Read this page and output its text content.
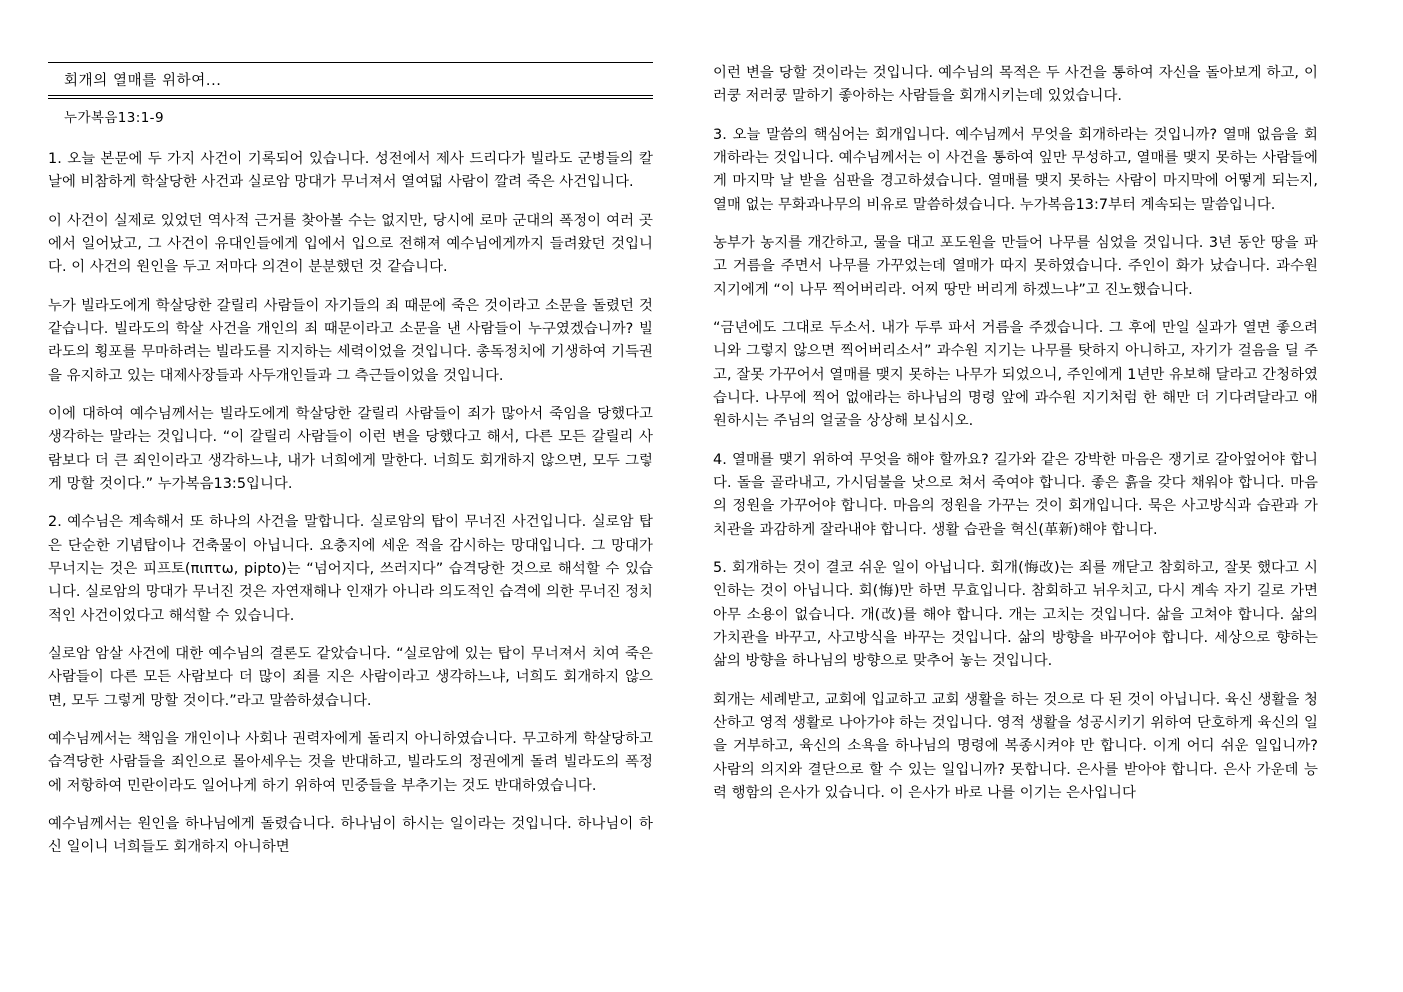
회개의 열매를 위하여...
누가복음13:1-9

1. 오늘 본문에 두 가지 사건이 기록되어 있습니다. 성전에서 제사 드리다가 빌라도 군병들의 칼날에 비참하게 학살당한 사건과 실로암 망대가 무너져서 열여덟 사람이 깔려 죽은 사건입니다.

이 사건이 실제로 있었던 역사적 근거를 찾아볼 수는 없지만, 당시에 로마 군대의 폭정이 여러 곳에서 일어났고, 그 사건이 유대인들에게 입에서 입으로 전해져 예수님에게까지 들려왔던 것입니다. 이 사건의 원인을 두고 저마다 의견이 분분했던 것 같습니다.

누가 빌라도에게 학살당한 갈릴리 사람들이 자기들의 죄 때문에 죽은 것이라고 소문을 돌렸던 것 같습니다. 빌라도의 학살 사건을 개인의 죄 때문이라고 소문을 낸 사람들이 누구였겠습니까? 빌라도의 횡포를 무마하려는 빌라도를 지지하는 세력이었을 것입니다. 총독정치에 기생하여 기득권을 유지하고 있는 대제사장들과 사두개인들과 그 측근들이었을 것입니다.

이에 대하여 예수님께서는 빌라도에게 학살당한 갈릴리 사람들이 죄가 많아서 죽임을 당했다고 생각하는 말라는 것입니다. “이 갈릴리 사람들이 이런 변을 당했다고 해서, 다른 모든 갈릴리 사람보다 더 큰 죄인이라고 생각하느냐, 내가 너희에게 말한다. 너희도 회개하지 않으면, 모두 그렇게 망할 것이다.” 누가복음13:5입니다.

2. 예수님은 계속해서 또 하나의 사건을 말합니다. 실로암의 탑이 무너진 사건입니다. 실로암 탑은 단순한 기념탑이나 건축물이 아닙니다. 요충지에 세운 적을 감시하는 망대입니다. 그 망대가 무너지는 것은 피프토(πιπτω, pipto)는 “넘어지다, 쓰러지다” 습격당한 것으로 해석할 수 있습니다. 실로암의 망대가 무너진 것은 자연재해나 인재가 아니라 의도적인 습격에 의한 무너진 정치적인 사건이었다고 해석할 수 있습니다.

실로암 암살 사건에 대한 예수님의 결론도 같았습니다. “실로암에 있는 탑이 무너져서 치여 죽은 사람들이 다른 모든 사람보다 더 많이 죄를 지은 사람이라고 생각하느냐, 너희도 회개하지 않으면, 모두 그렇게 망할 것이다.”라고 말씀하셨습니다.

예수님께서는 책임을 개인이나 사회나 권력자에게 돌리지 아니하였습니다. 무고하게 학살당하고 습격당한 사람들을 죄인으로 몰아세우는 것을 반대하고, 빌라도의 정권에게 돌려 빌라도의 폭정에 저항하여 민란이라도 일어나게 하기 위하여 민중들을 부추기는 것도 반대하였습니다.

예수님께서는 원인을 하나님에게 돌렸습니다. 하나님이 하시는 일이라는 것입니다. 하나님이 하신 일이니 너희들도 회개하지 아니하면

이런 변을 당할 것이라는 것입니다. 예수님의 목적은 두 사건을 통하여 자신을 돌아보게 하고, 이러쿵 저러쿵 말하기 좋아하는 사람들을 회개시키는데 있었습니다.

3. 오늘 말씀의 핵심어는 회개입니다. 예수님께서 무엇을 회개하라는 것입니까? 열매 없음을 회개하라는 것입니다. 예수님께서는 이 사건을 통하여 잎만 무성하고, 열매를 맺지 못하는 사람들에게 마지막 날 받을 심판을 경고하셨습니다. 열매를 맺지 못하는 사람이 마지막에 어떻게 되는지, 열매 없는 무화과나무의 비유로 말씀하셨습니다. 누가복음13:7부터 계속되는 말씀입니다.

농부가 농지를 개간하고, 물을 대고 포도원을 만들어 나무를 심었을 것입니다. 3년 동안 땅을 파고 거름을 주면서 나무를 가꾸었는데 열매가 따지 못하였습니다. 주인이 화가 났습니다. 과수원 지기에게 “이 나무 찍어버리라. 어찌 땅만 버리게 하겠느냐”고 진노했습니다.

“금년에도 그대로 두소서. 내가 두루 파서 거름을 주겠습니다. 그 후에 만일 실과가 열면 좋으려니와 그렇지 않으면 찍어버리소서” 과수원 지기는 나무를 탓하지 아니하고, 자기가 걸음을 딜 주고, 잘못 가꾸어서 열매를 맺지 못하는 나무가 되었으니, 주인에게 1년만 유보해 달라고 간청하였습니다. 나무에 찍어 없애라는 하나님의 명령 앞에 과수원 지기처럼 한 해만 더 기다려달라고 애원하시는 주님의 얼굴을 상상해 보십시오.

4. 열매를 맺기 위하여 무엇을 해야 할까요? 길가와 같은 강박한 마음은 쟁기로 갈아엎어야 합니다. 돌을 골라내고, 가시덤불을 낫으로 쳐서 죽여야 합니다. 좋은 흙을 갖다 채워야 합니다. 마음의 정원을 가꾸어야 합니다. 마음의 정원을 가꾸는 것이 회개입니다. 묵은 사고방식과 습관과 가치관을 과감하게 잘라내야 합니다. 생활 습관을 혁신(革新)해야 합니다.

5. 회개하는 것이 결코 쉬운 일이 아닙니다. 회개(悔改)는 죄를 깨닫고 참회하고, 잘못 했다고 시인하는 것이 아닙니다. 회(悔)만 하면 무효입니다. 참회하고 뉘우치고, 다시 계속 자기 길로 가면 아무 소용이 없습니다. 개(改)를 해야 합니다. 개는 고치는 것입니다. 삶을 고쳐야 합니다. 삶의 가치관을 바꾸고, 사고방식을 바꾸는 것입니다. 삶의 방향을 바꾸어야 합니다. 세상으로 향하는 삶의 방향을 하나님의 방향으로 맞추어 놓는 것입니다.

회개는 세례받고, 교회에 입교하고 교회 생활을 하는 것으로 다 된 것이 아닙니다. 육신 생활을 청산하고 영적 생활로 나아가야 하는 것입니다. 영적 생활을 성공시키기 위하여 단호하게 육신의 일을 거부하고, 육신의 소욕을 하나님의 명령에 복종시켜야 만 합니다. 이게 어디 쉬운 일입니까? 사람의 의지와 결단으로 할 수 있는 일입니까? 못합니다. 은사를 받아야 합니다. 은사 가운데 능력 행함의 은사가 있습니다. 이 은사가 바로 나를 이기는 은사입니다
